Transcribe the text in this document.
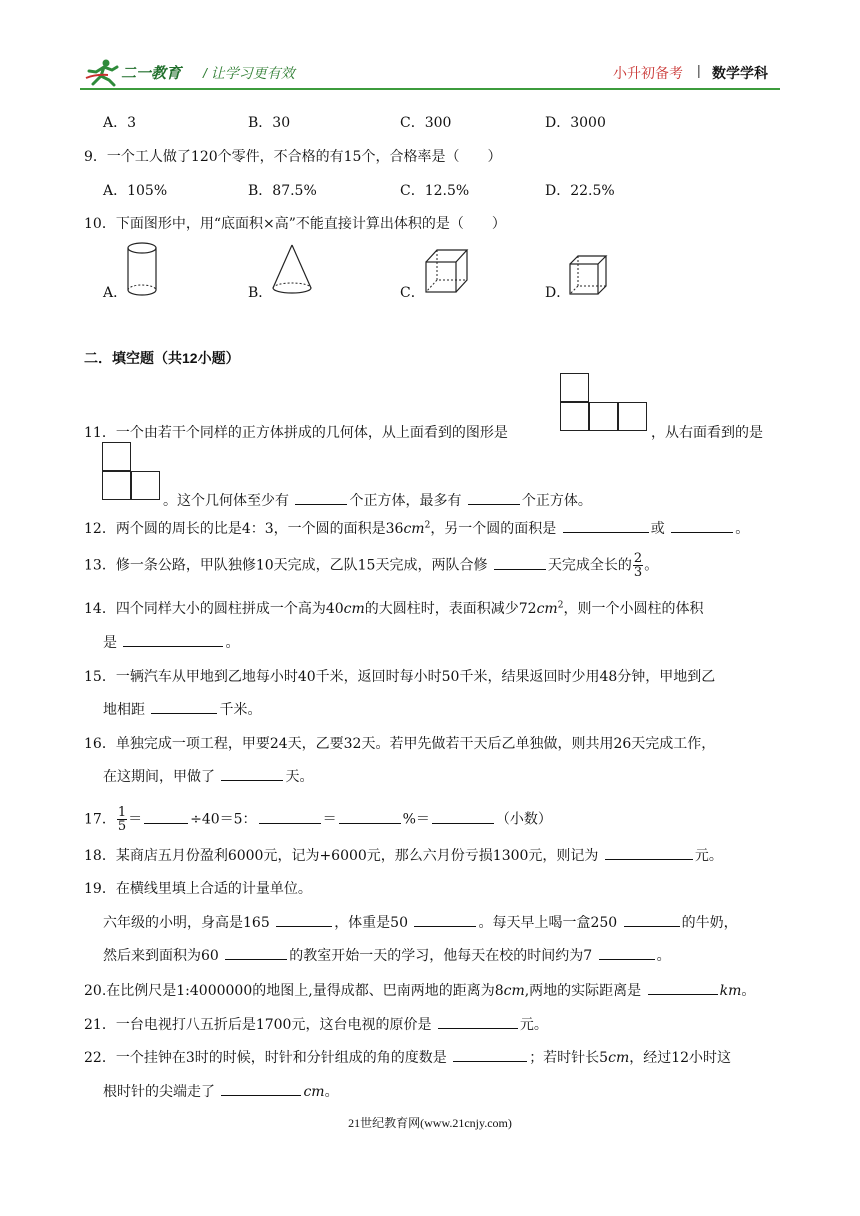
二一教育 / 让学习更有效	小升初备考 | 数学学科
A．3	B．30	C．300	D．3000
9．一个工人做了120个零件，不合格的有15个，合格率是（　　）
A．105%	B．87.5%	C．12.5%	D．22.5%
10．下面图形中，用“底面积×高”不能直接计算出体积的是（　　）
A．	B．	C．	D．
二．填空题（共12小题）
11．一个由若干个同样的正方体拼成的几何体，从上面看到的图形是	，从右面看到的是
。这个几何体至少有	个正方体，最多有	个正方体。
12．两个圆的周长的比是4：3，一个圆的面积是$36cm^2$，另一个圆的面积是	或	。
13．修一条公路，甲队独修10天完成，乙队15天完成，两队合修	天完成全长的 $\frac{2}{3}$ 。
14．四个同样大小的圆柱拼成一个高为40cm的大圆柱时，表面积减少$72cm^2$，则一个小圆柱的体积
是	。
15．一辆汽车从甲地到乙地每小时40千米，返回时每小时50千米，结果返回时少用48分钟，甲地到乙
地相距	千米。
16．单独完成一项工程，甲要24天，乙要32天。若甲先做若干天后乙单独做，则共用26天完成工作，
在这期间，甲做了	天。
17． $\frac{1}{5}$ ＝	÷40＝5：	＝	%＝	（小数）
18．某商店五月份盈利6000元，记为+6000元，那么六月份亏损1300元，则记为	元。
19．在横线里填上合适的计量单位。
六年级的小明，身高是165	，体重是50	。每天早上喝一盒250	的牛奶，
然后来到面积为60	的教室开始一天的学习，他每天在校的时间约为7	。
20.在比例尺是1:4000000的地图上,量得成都、巴南两地的距离为8cm,两地的实际距离是	km。
21．一台电视打八五折后是1700元，这台电视的原价是	元。
22．一个挂钟在3时的时候，时针和分针组成的角的度数是	；若时针长5cm，经过12小时这
根时针的尖端走了	cm。
21世纪教育网(www.21cnjy.com)
